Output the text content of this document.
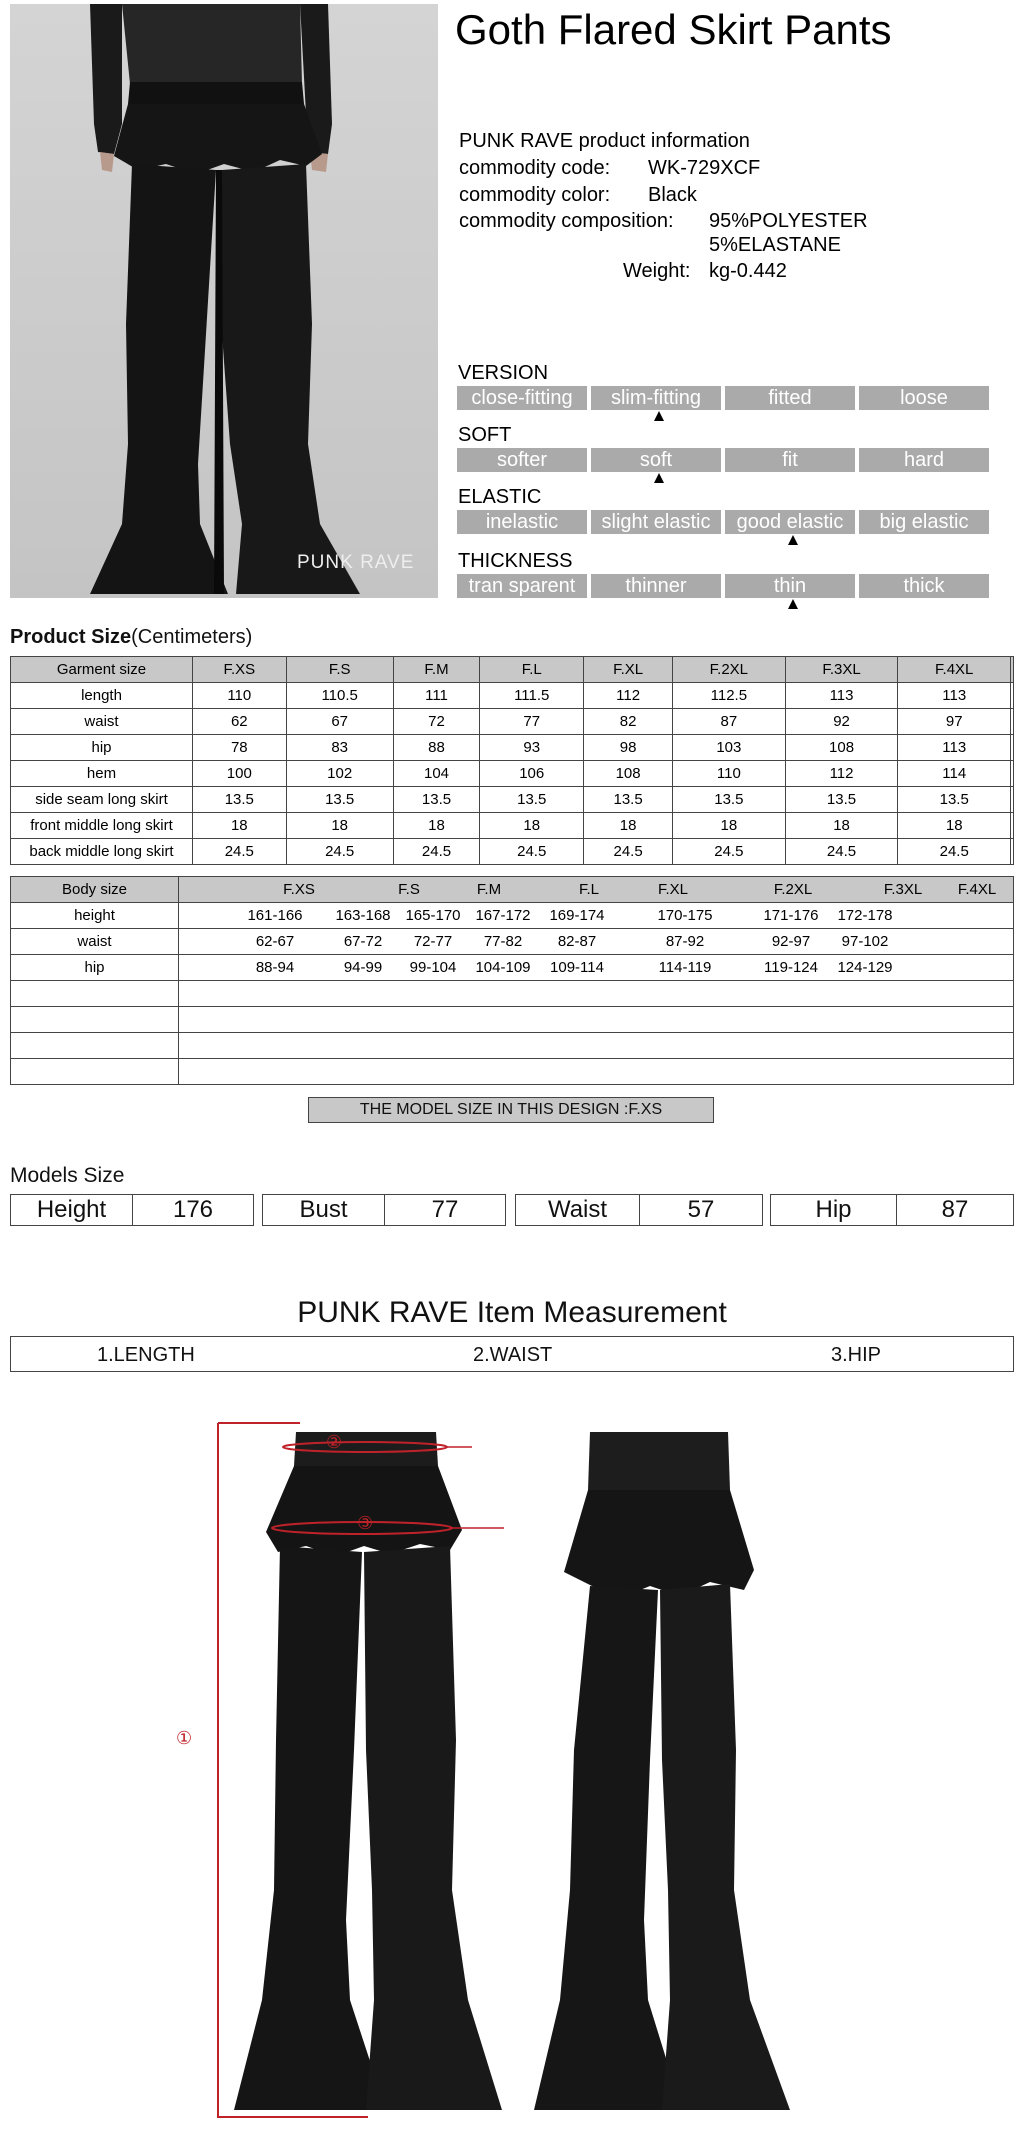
PUNK RAVE
Goth Flared Skirt Pants
PUNK RAVE product information
commodity code: WK-729XCF
commodity color: Black
commodity composition: 95%POLYESTER
5%ELASTANE
Weight: kg-0.442
VERSION
close-fitting	slim-fitting	fitted	loose
SOFT
softer	soft	fit	hard
ELASTIC
inelastic	slight elastic	good elastic	big elastic
THICKNESS
tran sparent	thinner	thin	thick
Product Size(Centimeters)
Garment size	F.XS	F.S	F.M	F.L	F.XL	F.2XL	F.3XL	F.4XL	
length	110	110.5	111	111.5	112	112.5	113	113	
waist	62	67	72	77	82	87	92	97	
hip	78	83	88	93	98	103	108	113	
hem	100	102	104	106	108	110	112	114	
side seam long skirt	13.5	13.5	13.5	13.5	13.5	13.5	13.5	13.5	
front middle long skirt	18	18	18	18	18	18	18	18	
back middle long skirt	24.5	24.5	24.5	24.5	24.5	24.5	24.5	24.5	
Body size	F.XS F.S F.M F.L F.XL F.2XL F.3XL F.4XL
height	161-166 163-168 165-170 167-172 169-174 170-175 171-176 172-178
waist	62-67 67-72 72-77 77-82 82-87 87-92 92-97 97-102
hip	88-94 94-99 99-104 104-109 109-114 114-119 119-124 124-129

THE MODEL SIZE IN THIS DESIGN :F.XS
Models Size
Height	176	Bust	77	Waist	57	Hip	87
PUNK RAVE Item Measurement
1.LENGTH	2.WAIST	3.HIP
②
③
①
